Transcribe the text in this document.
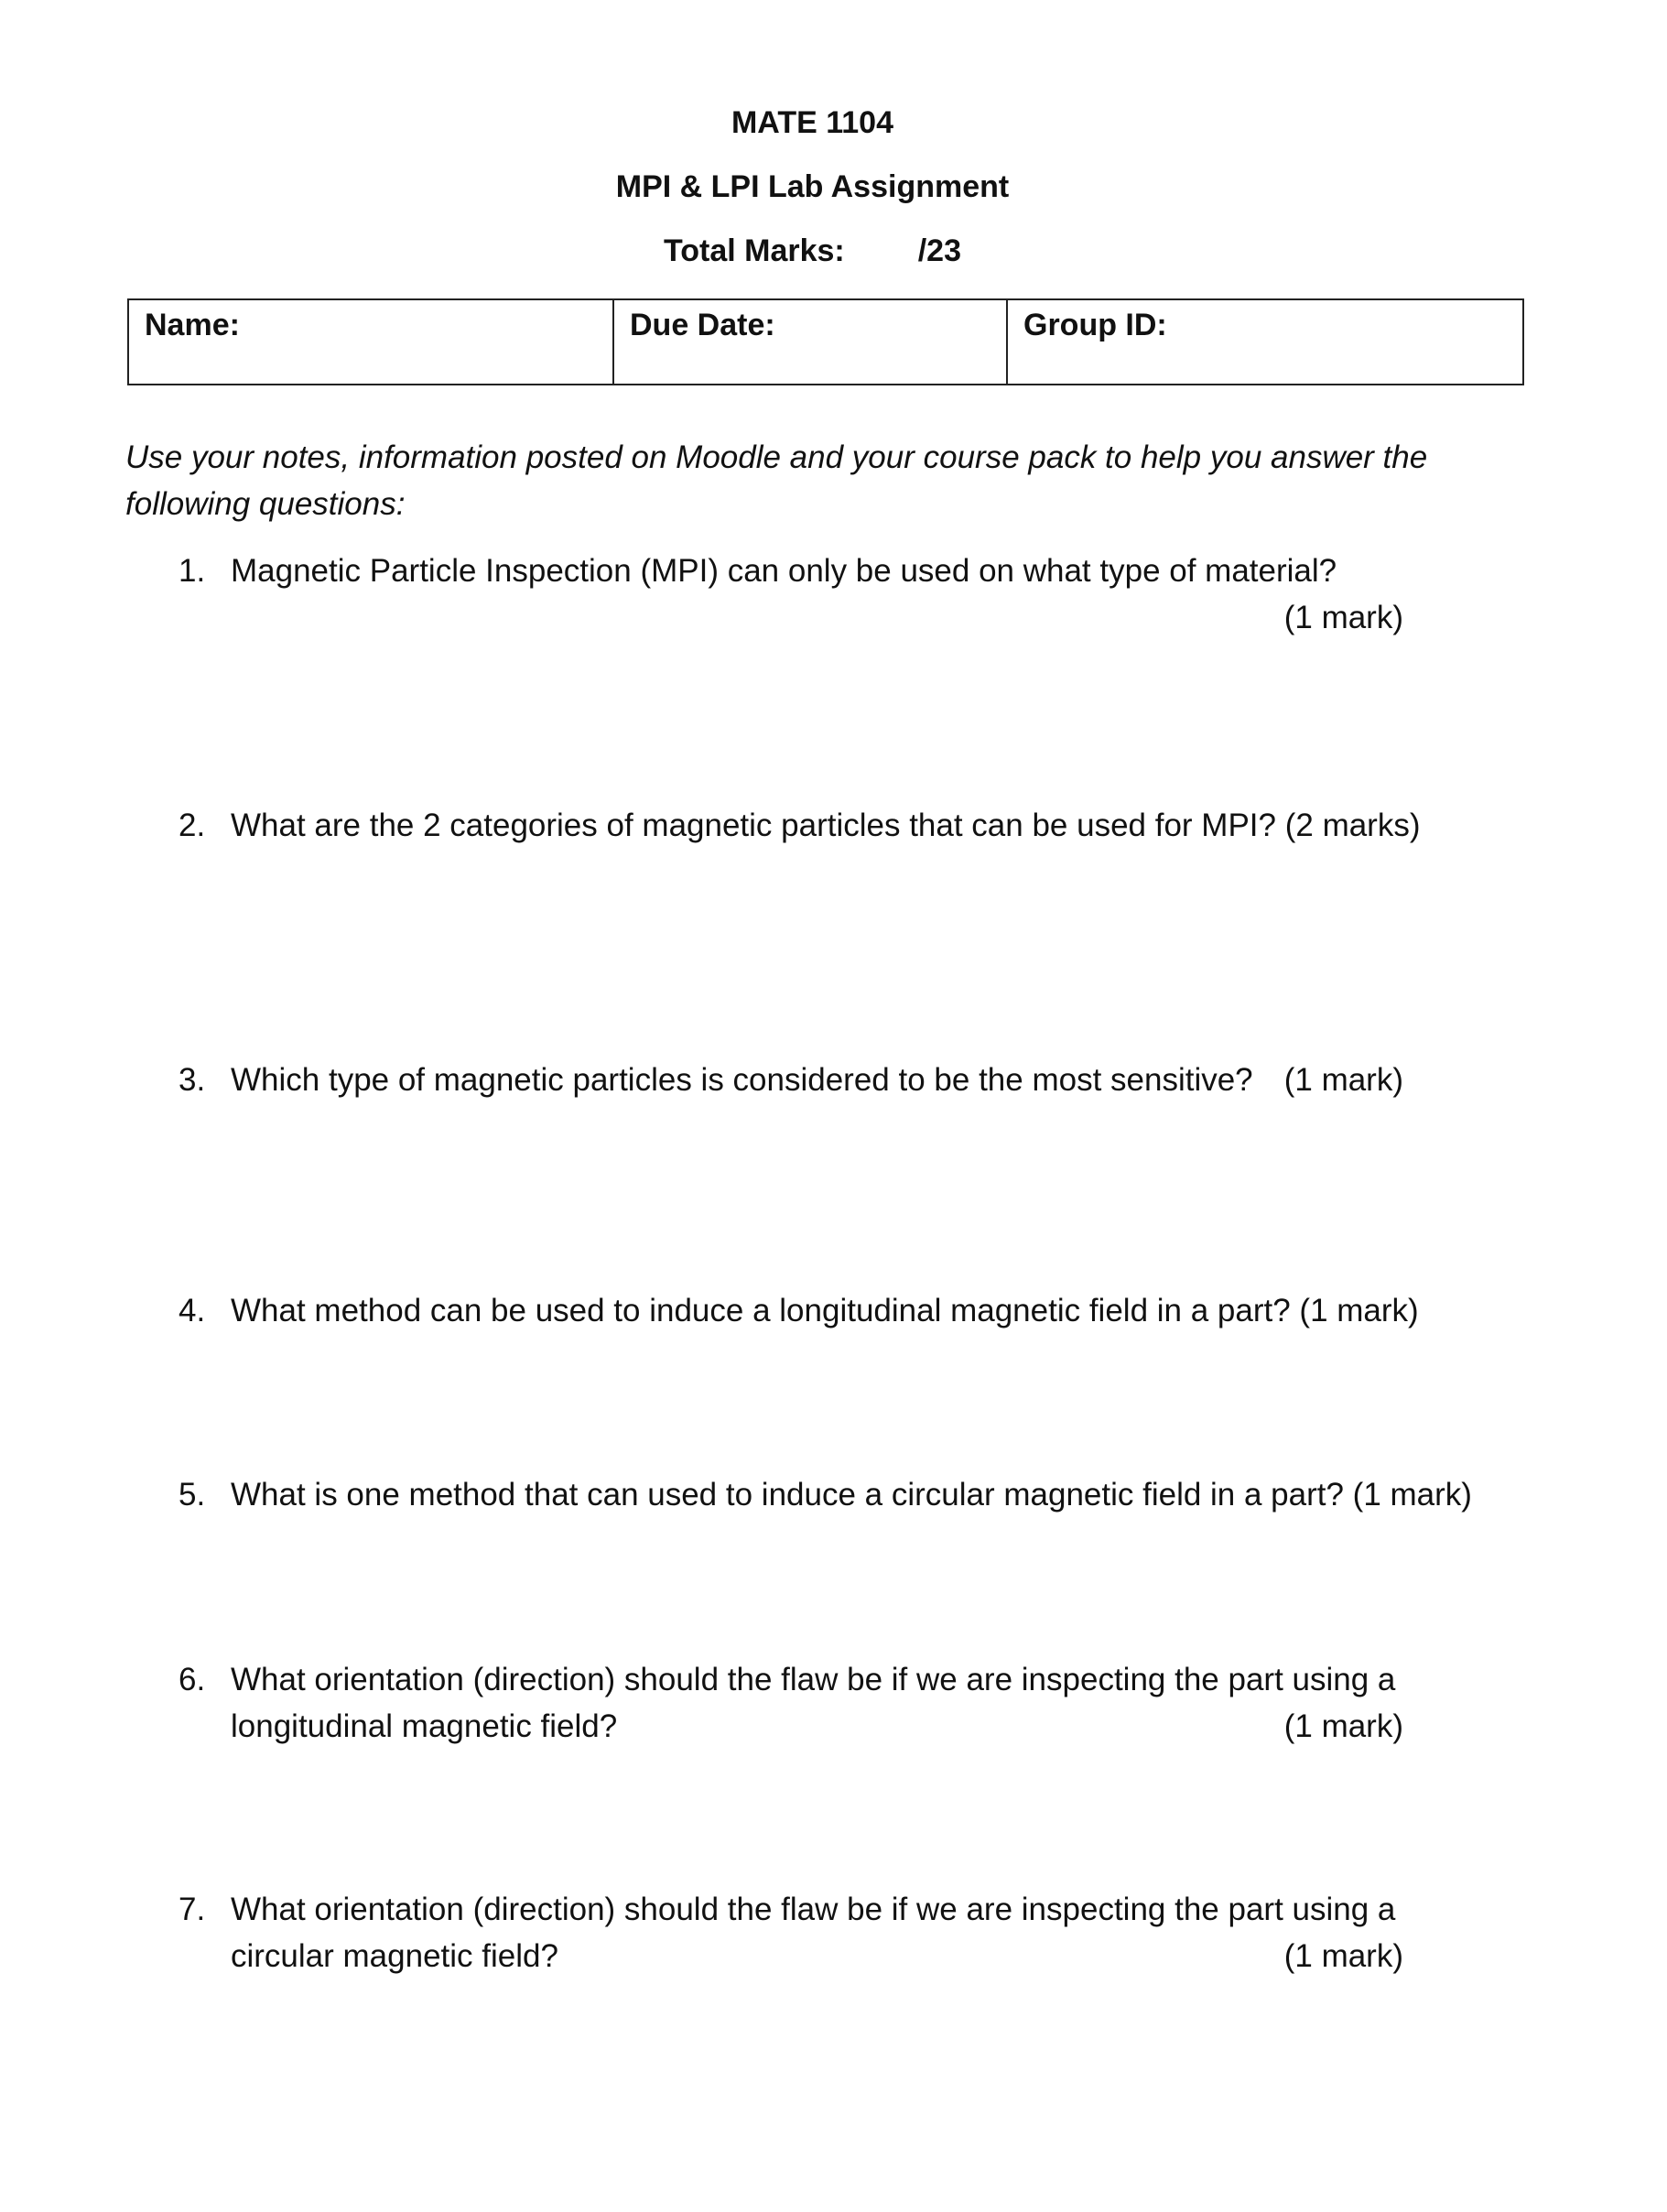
MATE 1104
MPI & LPI Lab Assignment
Total Marks: /23
Name:	Due Date:	Group ID:
Use your notes, information posted on Moodle and your course pack to help you answer the following questions:
1. Magnetic Particle Inspection (MPI) can only be used on what type of material?
(1 mark)
2. What are the 2 categories of magnetic particles that can be used for MPI? (2 marks)
3. Which type of magnetic particles is considered to be the most sensitive? (1 mark)
4. What method can be used to induce a longitudinal magnetic field in a part? (1 mark)
5. What is one method that can used to induce a circular magnetic field in a part? (1 mark)
6. What orientation (direction) should the flaw be if we are inspecting the part using a
longitudinal magnetic field?	(1 mark)
7. What orientation (direction) should the flaw be if we are inspecting the part using a
circular magnetic field?	(1 mark)
